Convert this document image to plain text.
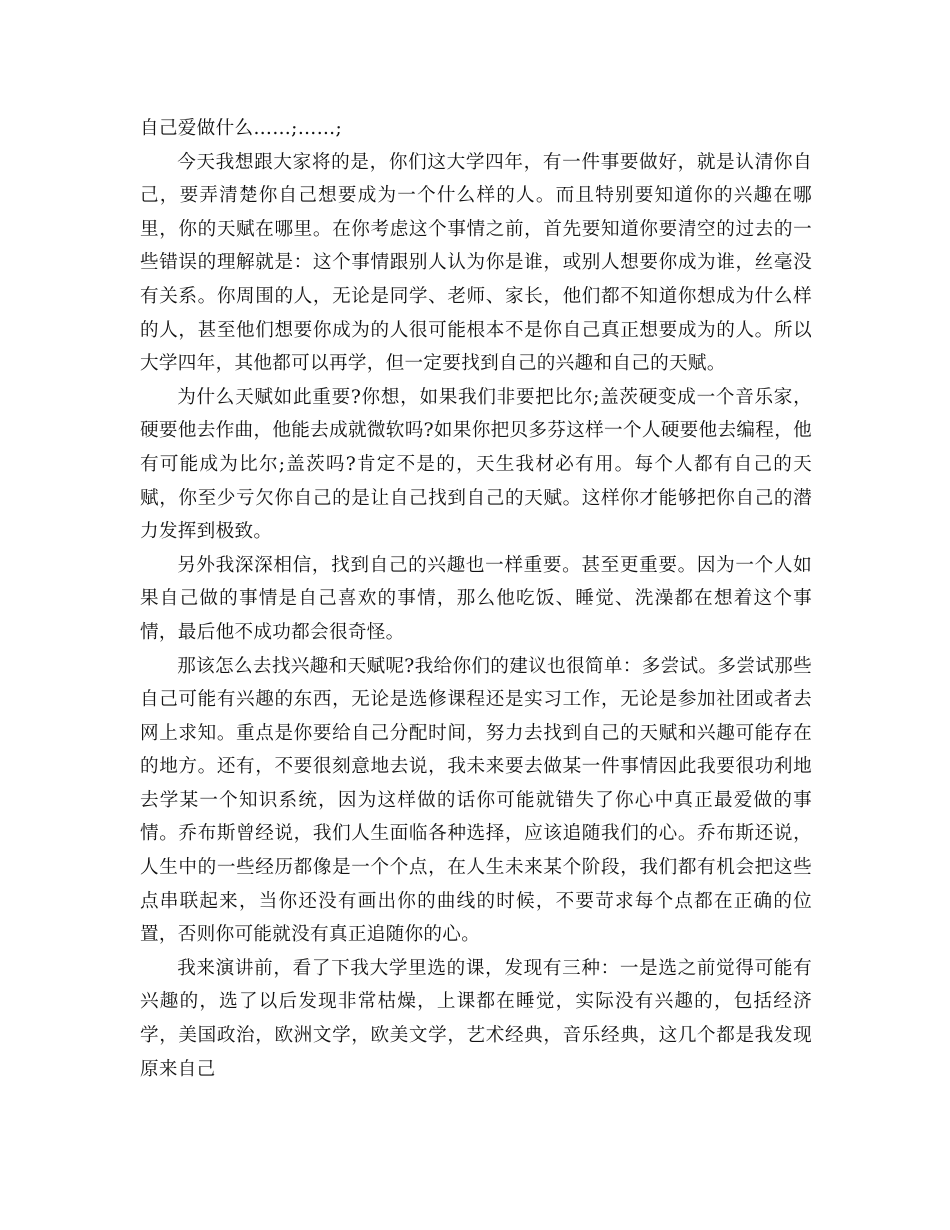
自己爱做什么……;……;

今天我想跟大家将的是，你们这大学四年，有一件事要做好，就是认清你自己，要弄清楚你自己想要成为一个什么样的人。而且特别要知道你的兴趣在哪里，你的天赋在哪里。在你考虑这个事情之前，首先要知道你要清空的过去的一些错误的理解就是：这个事情跟别人认为你是谁，或别人想要你成为谁，丝毫没有关系。你周围的人，无论是同学、老师、家长，他们都不知道你想成为什么样的人，甚至他们想要你成为的人很可能根本不是你自己真正想要成为的人。所以大学四年，其他都可以再学，但一定要找到自己的兴趣和自己的天赋。

为什么天赋如此重要?你想，如果我们非要把比尔;盖茨硬变成一个音乐家，硬要他去作曲，他能去成就微软吗?如果你把贝多芬这样一个人硬要他去编程，他有可能成为比尔;盖茨吗?肯定不是的，天生我材必有用。每个人都有自己的天赋，你至少亏欠你自己的是让自己找到自己的天赋。这样你才能够把你自己的潜力发挥到极致。

另外我深深相信，找到自己的兴趣也一样重要。甚至更重要。因为一个人如果自己做的事情是自己喜欢的事情，那么他吃饭、睡觉、洗澡都在想着这个事情，最后他不成功都会很奇怪。

那该怎么去找兴趣和天赋呢?我给你们的建议也很简单：多尝试。多尝试那些自己可能有兴趣的东西，无论是选修课程还是实习工作，无论是参加社团或者去网上求知。重点是你要给自己分配时间，努力去找到自己的天赋和兴趣可能存在的地方。还有，不要很刻意地去说，我未来要去做某一件事情因此我要很功利地去学某一个知识系统，因为这样做的话你可能就错失了你心中真正最爱做的事情。乔布斯曾经说，我们人生面临各种选择，应该追随我们的心。乔布斯还说，人生中的一些经历都像是一个个点，在人生未来某个阶段，我们都有机会把这些点串联起来，当你还没有画出你的曲线的时候，不要苛求每个点都在正确的位置，否则你可能就没有真正追随你的心。

我来演讲前，看了下我大学里选的课，发现有三种：一是选之前觉得可能有兴趣的，选了以后发现非常枯燥，上课都在睡觉，实际没有兴趣的，包括经济学，美国政治，欧洲文学，欧美文学，艺术经典，音乐经典，这几个都是我发现原来自己
